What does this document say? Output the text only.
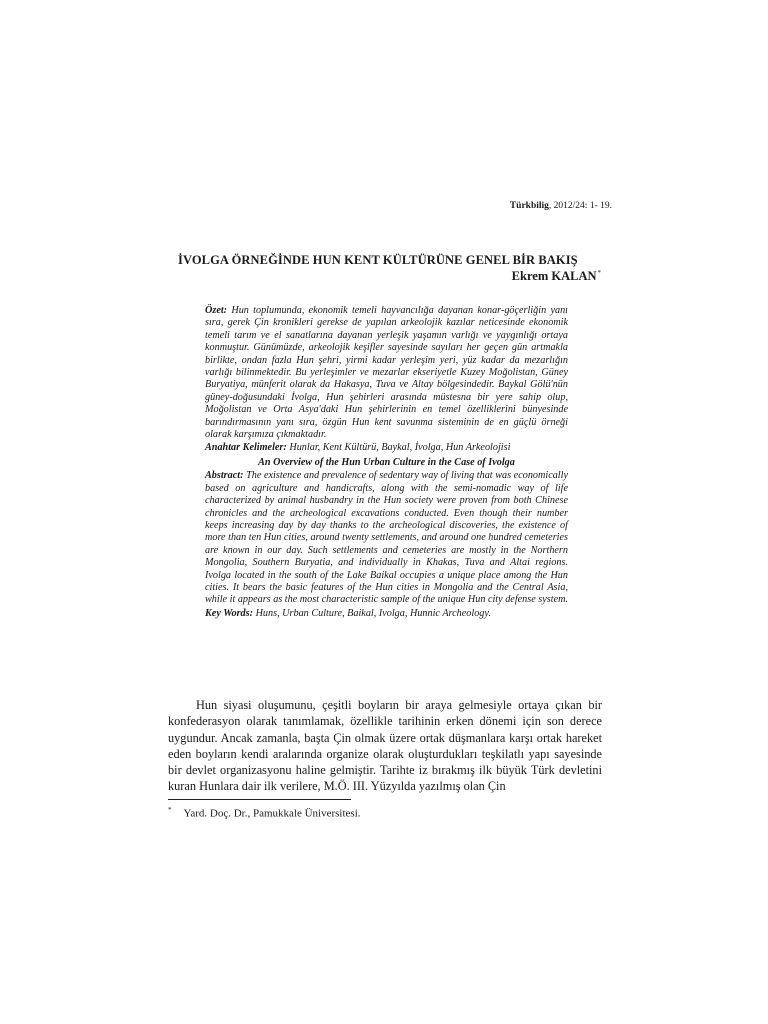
Türkbilig, 2012/24: 1- 19.
İVOLGA ÖRNEĞİNDE HUN KENT KÜLTÜRÜNE GENEL BİR BAKIŞ
Ekrem KALAN*

Özet: Hun toplumunda, ekonomik temeli hayvancılığa dayanan konar-göçerliğin yanı sıra, gerek Çin kronikleri gerekse de yapılan arkeolojik kazılar neticesinde ekonomik temeli tarım ve el sanatlarına dayanan yerleşik yaşamın varlığı ve yaygınlığı ortaya konmuştur. Günümüzde, arkeolojik keşifler sayesinde sayıları her geçen gün artmakla birlikte, ondan fazla Hun şehri, yirmi kadar yerleşim yeri, yüz kadar da mezarlığın varlığı bilinmektedir. Bu yerleşimler ve mezarlar ekseriyetle Kuzey Moğolistan, Güney Buryatiya, münferit olarak da Hakasya, Tuva ve Altay bölgesindedir. Baykal Gölü'nün güney-doğusundaki İvolga, Hun şehirleri arasında müstesna bir yere sahip olup, Moğolistan ve Orta Asya'daki Hun şehirlerinin en temel özelliklerini bünyesinde barındırmasının yanı sıra, özgün Hun kent savunma sisteminin de en güçlü örneği olarak karşımıza çıkmaktadır.

Anahtar Kelimeler: Hunlar, Kent Kültürü, Baykal, İvolga, Hun Arkeolojisi

An Overview of the Hun Urban Culture in the Case of Ivolga

Abstract: The existence and prevalence of sedentary way of living that was economically based on agriculture and handicrafts, along with the semi-nomadic way of life characterized by animal husbandry in the Hun society were proven from both Chinese chronicles and the archeological excavations conducted. Even though their number keeps increasing day by day thanks to the archeological discoveries, the existence of more than ten Hun cities, around twenty settlements, and around one hundred cemeteries are known in our day. Such settlements and cemeteries are mostly in the Northern Mongolia, Southern Buryatia, and individually in Khakas, Tuva and Altai regions. Ivolga located in the south of the Lake Baikal occupies a unique place among the Hun cities. It bears the basic features of the Hun cities in Mongolia and the Central Asia, while it appears as the most characteristic sample of the unique Hun city defense system.

Key Words: Huns, Urban Culture, Baikal, Ivolga, Hunnic Archeology.

Hun siyasi oluşumunu, çeşitli boyların bir araya gelmesiyle ortaya çıkan bir konfederasyon olarak tanımlamak, özellikle tarihinin erken dönemi için son derece uygundur. Ancak zamanla, başta Çin olmak üzere ortak düşmanlara karşı ortak hareket eden boyların kendi aralarında organize olarak oluşturdukları teşkilatlı yapı sayesinde bir devlet organizasyonu haline gelmiştir. Tarihte iz bırakmış ilk büyük Türk devletini kuran Hunlara dair ilk verilere, M.Ö. III. Yüzyılda yazılmış olan Çin

* Yard. Doç. Dr., Pamukkale Üniversitesi.
